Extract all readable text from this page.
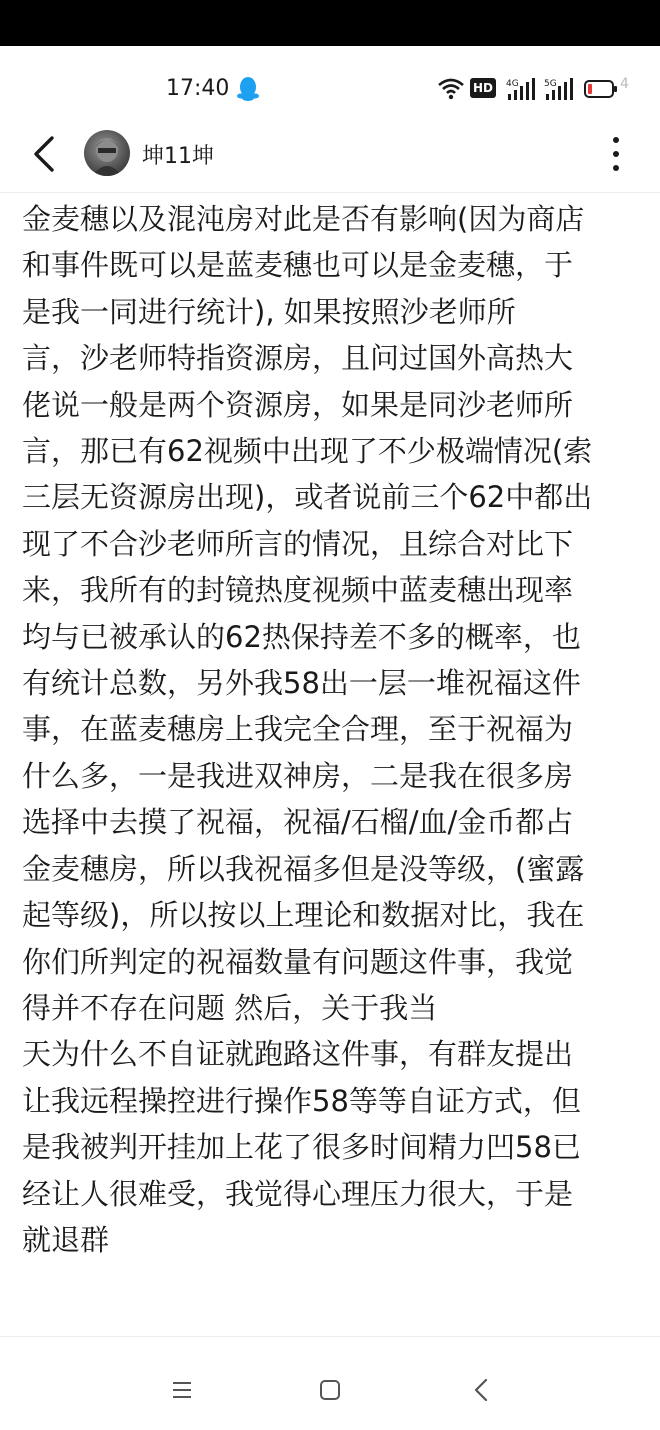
17:40	HD	4G	5G	4
坤11坤
金麦穗以及混沌房对此是否有影响(因为商店
和事件既可以是蓝麦穗也可以是金麦穗，于
是我一同进行统计), 如果按照沙老师所
言，沙老师特指资源房，且问过国外高热大
佬说一般是两个资源房，如果是同沙老师所
言，那已有62视频中出现了不少极端情况(索
三层无资源房出现)，或者说前三个62中都出
现了不合沙老师所言的情况，且综合对比下
来，我所有的封镜热度视频中蓝麦穗出现率
均与已被承认的62热保持差不多的概率，也
有统计总数，另外我58出一层一堆祝福这件
事，在蓝麦穗房上我完全合理，至于祝福为
什么多，一是我进双神房，二是我在很多房
选择中去摸了祝福，祝福/石榴/血/金币都占
金麦穗房，所以我祝福多但是没等级，(蜜露
起等级)，所以按以上理论和数据对比，我在
你们所判定的祝福数量有问题这件事，我觉
得并不存在问题 然后，关于我当
天为什么不自证就跑路这件事，有群友提出
让我远程操控进行操作58等等自证方式，但
是我被判开挂加上花了很多时间精力凹58已
经让人很难受，我觉得心理压力很大，于是
就退群
